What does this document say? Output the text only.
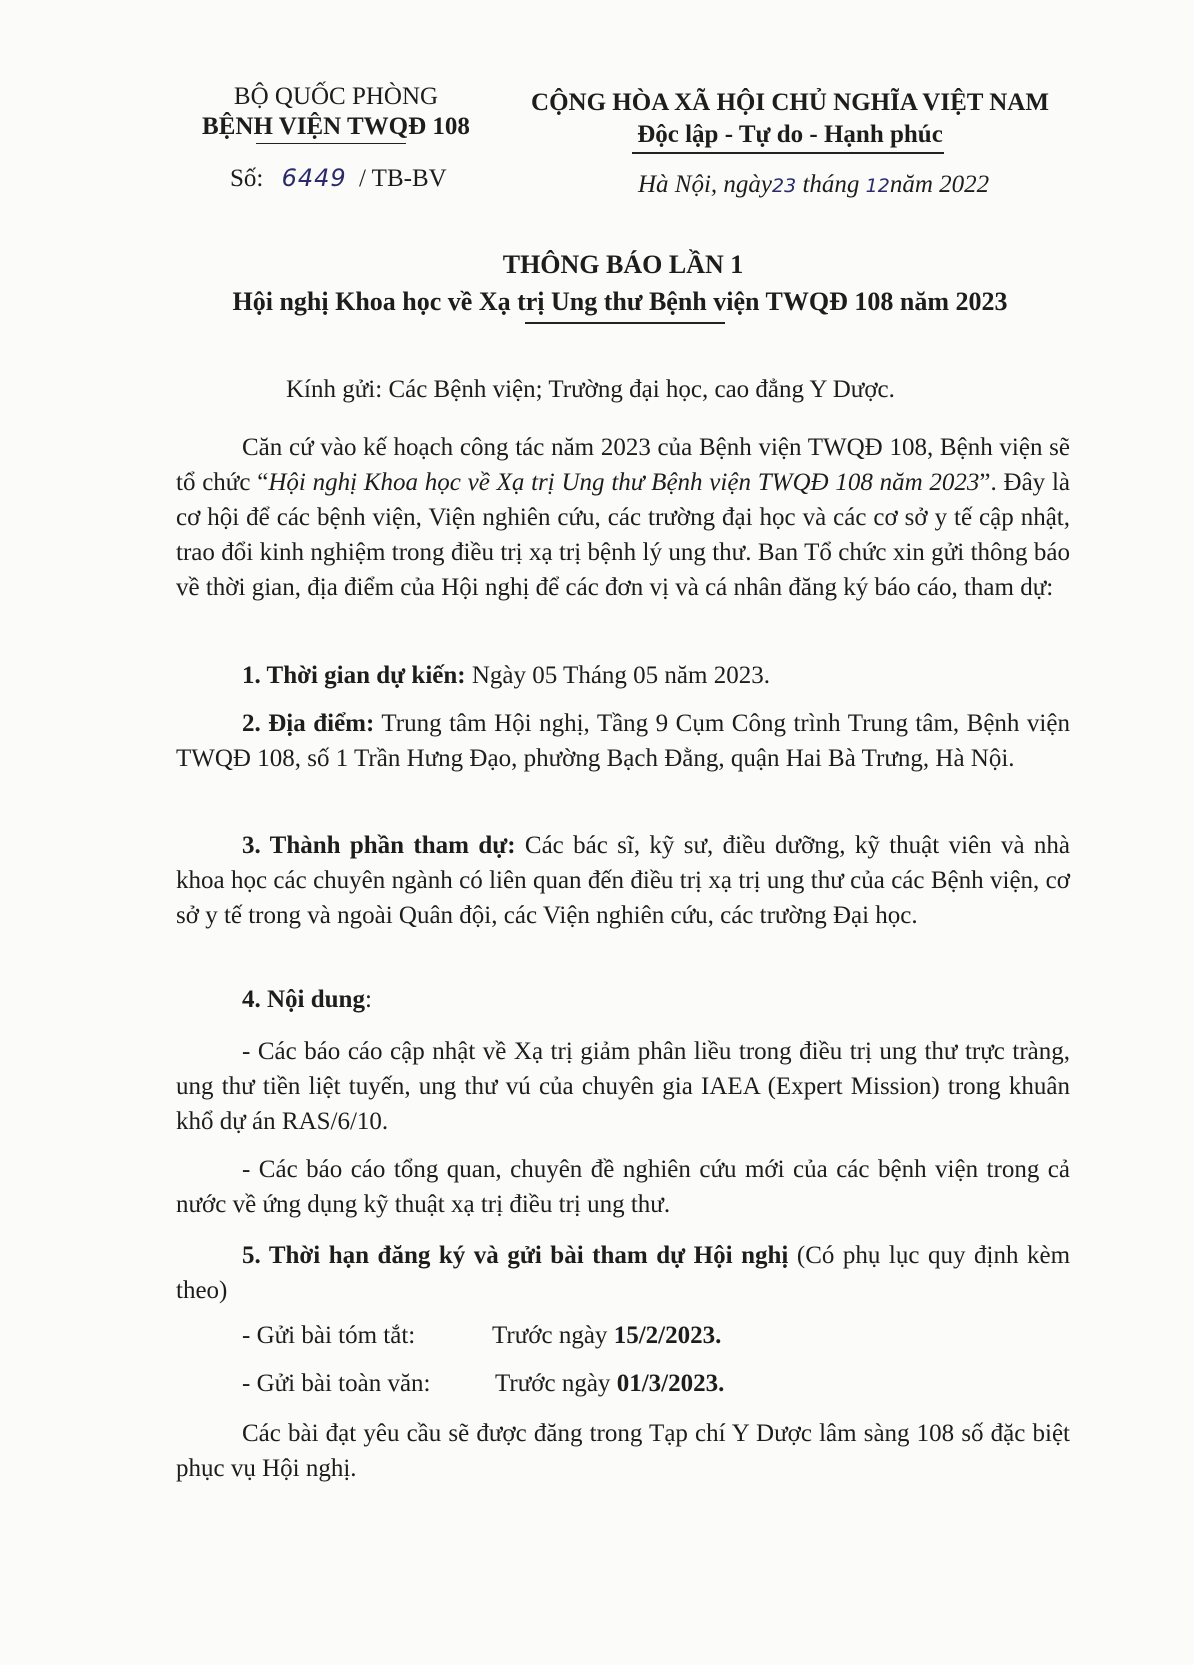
BỘ QUỐC PHÒNG
BỆNH VIỆN TWQĐ 108
Số: 6449 / TB-BV
CỘNG HÒA XÃ HỘI CHỦ NGHĨA VIỆT NAM
Độc lập - Tự do - Hạnh phúc
Hà Nội, ngày23 tháng 12năm 2022
THÔNG BÁO LẦN 1
Hội nghị Khoa học về Xạ trị Ung thư Bệnh viện TWQĐ 108 năm 2023
Kính gửi: Các Bệnh viện; Trường đại học, cao đẳng Y Dược.
Căn cứ vào kế hoạch công tác năm 2023 của Bệnh viện TWQĐ 108, Bệnh viện sẽ tổ chức “Hội nghị Khoa học về Xạ trị Ung thư Bệnh viện TWQĐ 108 năm 2023”. Đây là cơ hội để các bệnh viện, Viện nghiên cứu, các trường đại học và các cơ sở y tế cập nhật, trao đổi kinh nghiệm trong điều trị xạ trị bệnh lý ung thư. Ban Tổ chức xin gửi thông báo về thời gian, địa điểm của Hội nghị để các đơn vị và cá nhân đăng ký báo cáo, tham dự:
1. Thời gian dự kiến: Ngày 05 Tháng 05 năm 2023.
2. Địa điểm: Trung tâm Hội nghị, Tầng 9 Cụm Công trình Trung tâm, Bệnh viện TWQĐ 108, số 1 Trần Hưng Đạo, phường Bạch Đằng, quận Hai Bà Trưng, Hà Nội.
3. Thành phần tham dự: Các bác sĩ, kỹ sư, điều dưỡng, kỹ thuật viên và nhà khoa học các chuyên ngành có liên quan đến điều trị xạ trị ung thư của các Bệnh viện, cơ sở y tế trong và ngoài Quân đội, các Viện nghiên cứu, các trường Đại học.
4. Nội dung:
- Các báo cáo cập nhật về Xạ trị giảm phân liều trong điều trị ung thư trực tràng, ung thư tiền liệt tuyến, ung thư vú của chuyên gia IAEA (Expert Mission) trong khuân khổ dự án RAS/6/10.
- Các báo cáo tổng quan, chuyên đề nghiên cứu mới của các bệnh viện trong cả nước về ứng dụng kỹ thuật xạ trị điều trị ung thư.
5. Thời hạn đăng ký và gửi bài tham dự Hội nghị (Có phụ lục quy định kèm theo)
- Gửi bài tóm tắt:	Trước ngày 15/2/2023.
- Gửi bài toàn văn:	Trước ngày 01/3/2023.
Các bài đạt yêu cầu sẽ được đăng trong Tạp chí Y Dược lâm sàng 108 số đặc biệt phục vụ Hội nghị.
